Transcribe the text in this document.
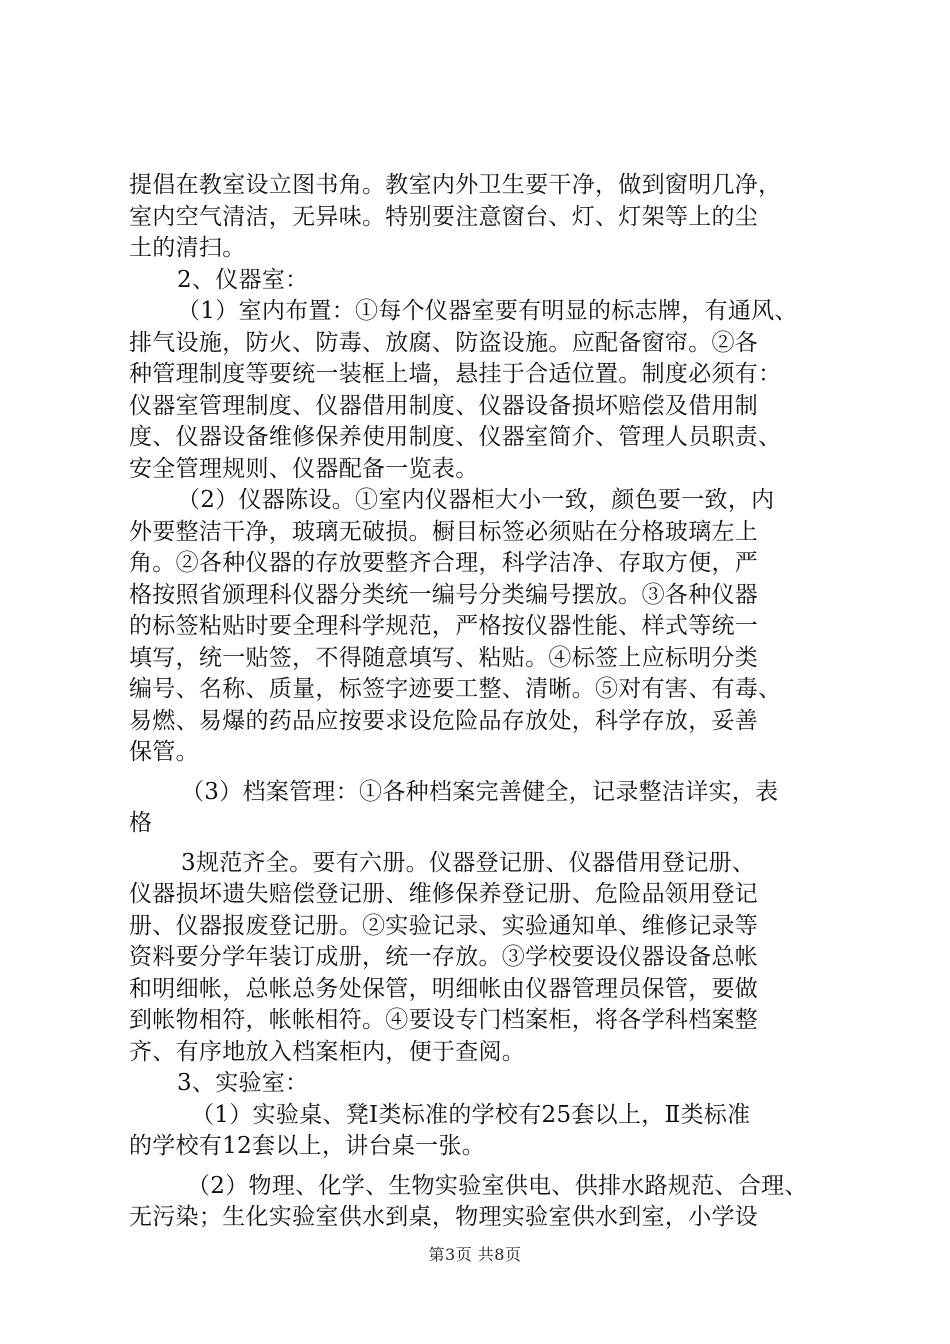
提倡在教室设立图书角。教室内外卫生要干净，做到窗明几净，
室内空气清洁，无异味。特别要注意窗台、灯、灯架等上的尘
土的清扫。
2、仪器室：
（1）室内布置：①每个仪器室要有明显的标志牌，有通风、
排气设施，防火、防毒、放腐、防盗设施。应配备窗帘。②各
种管理制度等要统一装框上墙，悬挂于合适位置。制度必须有：
仪器室管理制度、仪器借用制度、仪器设备损坏赔偿及借用制
度、仪器设备维修保养使用制度、仪器室简介、管理人员职责、
安全管理规则、仪器配备一览表。
（2）仪器陈设。①室内仪器柜大小一致，颜色要一致，内
外要整洁干净，玻璃无破损。橱目标签必须贴在分格玻璃左上
角。②各种仪器的存放要整齐合理，科学洁净、存取方便，严
格按照省颁理科仪器分类统一编号分类编号摆放。③各种仪器
的标签粘贴时要全理科学规范，严格按仪器性能、样式等统一
填写，统一贴签，不得随意填写、粘贴。④标签上应标明分类
编号、名称、质量，标签字迹要工整、清晰。⑤对有害、有毒、
易燃、易爆的药品应按要求设危险品存放处，科学存放，妥善
保管。
（3）档案管理：①各种档案完善健全，记录整洁详实，表
格
3规范齐全。要有六册。仪器登记册、仪器借用登记册、
仪器损坏遗失赔偿登记册、维修保养登记册、危险品领用登记
册、仪器报废登记册。②实验记录、实验通知单、维修记录等
资料要分学年装订成册，统一存放。③学校要设仪器设备总帐
和明细帐，总帐总务处保管，明细帐由仪器管理员保管，要做
到帐物相符，帐帐相符。④要设专门档案柜，将各学科档案整
齐、有序地放入档案柜内，便于查阅。
3、实验室：
（1）实验桌、凳Ⅰ类标准的学校有25套以上，Ⅱ类标准
的学校有12套以上，讲台桌一张。
（2）物理、化学、生物实验室供电、供排水路规范、合理、
无污染；生化实验室供水到桌，物理实验室供水到室，小学设
第3页 共8页
